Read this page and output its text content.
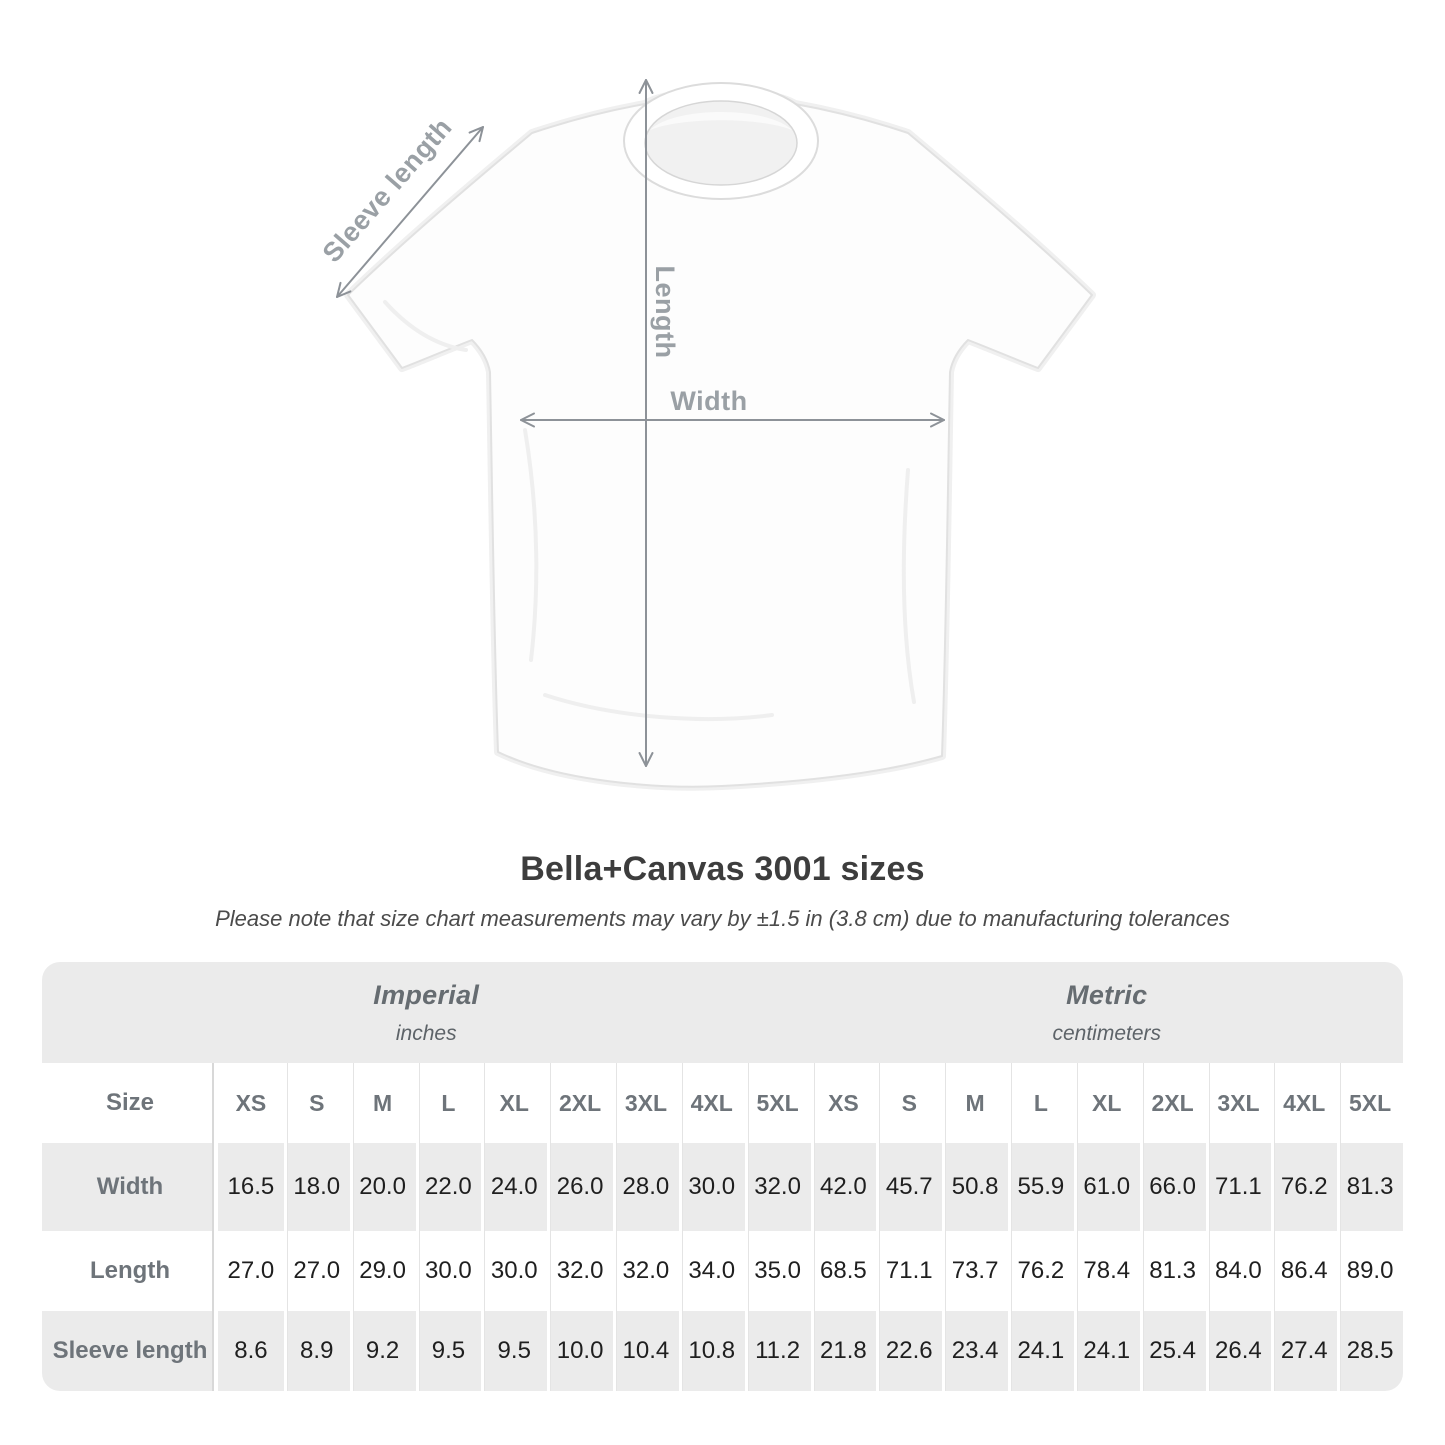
Sleeve length
Length
Width
Bella+Canvas 3001 sizes
Please note that size chart measurements may vary by ±1.5 in (3.8 cm) due to manufacturing tolerances
Imperial
inches
Metric
centimeters
Size	XS	S	M	L	XL	2XL	3XL	4XL	5XL	XS	S	M	L	XL	2XL	3XL	4XL	5XL
Width	16.5 18.0 20.0 22.0 24.0 26.0 28.0 30.0 32.0 42.0 45.7 50.8 55.9 61.0 66.0 71.1 76.2 81.3
Length	27.0 27.0 29.0 30.0 30.0 32.0 32.0 34.0 35.0 68.5 71.1 73.7 76.2 78.4 81.3 84.0 86.4 89.0
Sleeve length	8.6	8.9	9.2	9.5	9.5	10.0 10.4 10.8 11.2 21.8 22.6 23.4 24.1 24.1 25.4 26.4 27.4 28.5
